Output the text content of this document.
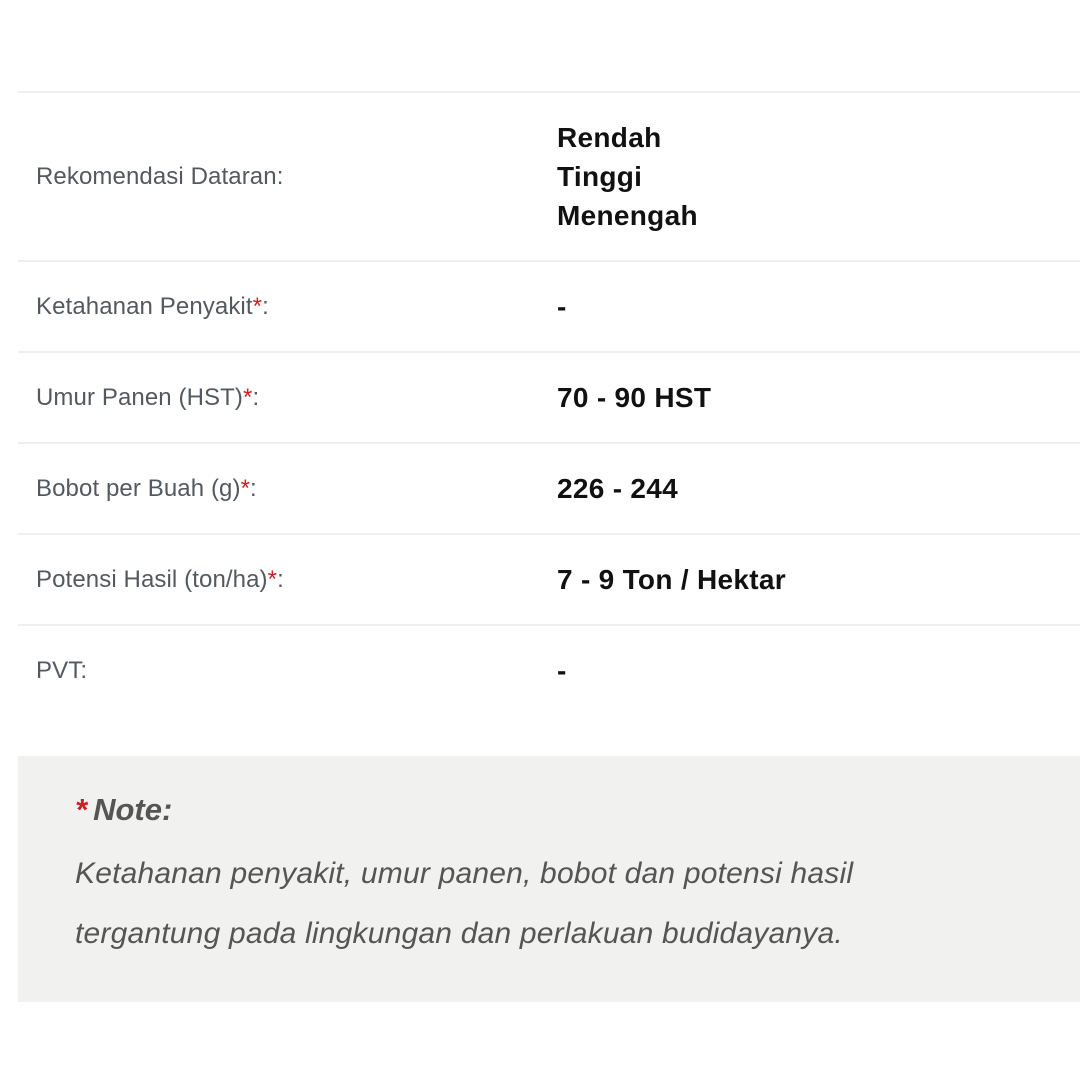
Rekomendasi Dataran:
Rendah
Tinggi
Menengah
Ketahanan Penyakit*:	-
Umur Panen (HST)*:	70 - 90 HST
Bobot per Buah (g)*:	226 - 244
Potensi Hasil (ton/ha)*:	7 - 9 Ton / Hektar
PVT:	-
* Note:

Ketahanan penyakit, umur panen, bobot dan potensi hasil
tergantung pada lingkungan dan perlakuan budidayanya.
